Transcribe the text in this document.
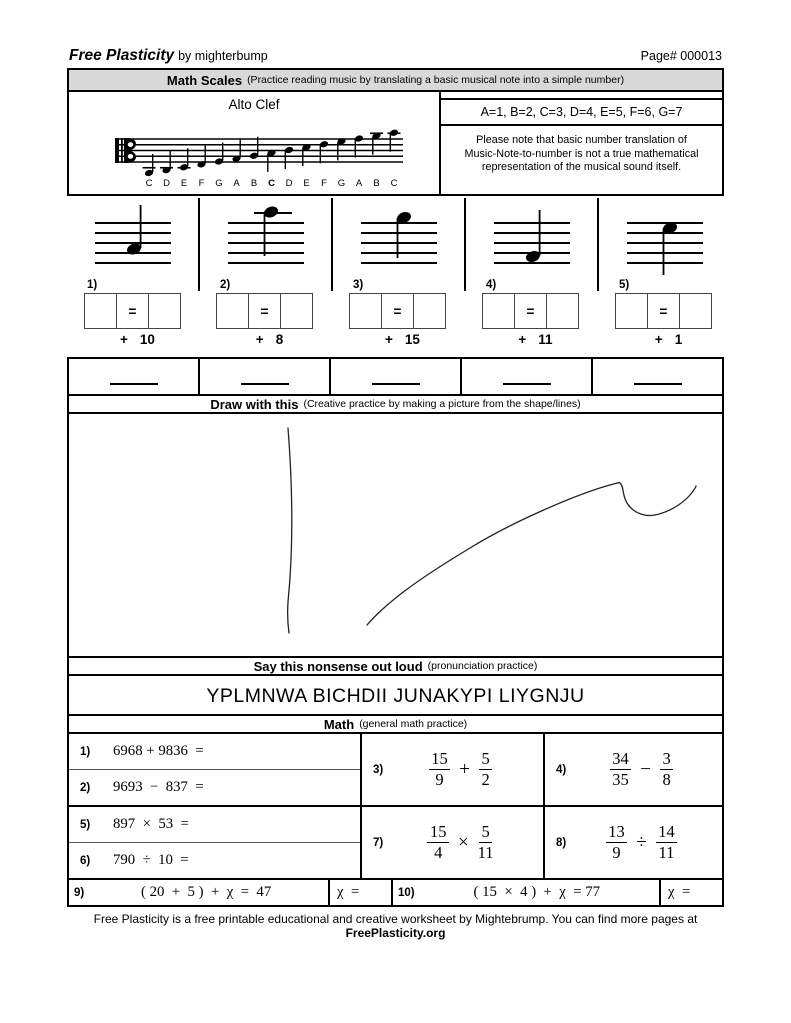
Free Plasticity by mighterbump	Page# 000013
Math Scales (Practice reading music by translating a basic musical note into a simple number)
Alto Clef
C D E	F	G A B C D E	F	G A B C
A=1, B=2, C=3, D=4, E=5, F=6, G=7
Please note that basic number translation of
Music-Note-to-number is not a true mathematical
representation of the musical sound itself.
1)
=
+ 10
2)
=
+ 8
3)
=
+ 15
4)
=
+ 11
5)
=
+ 1
Draw with this (Creative practice by making a picture from the shape/lines)
Say this nonsense out loud (pronunciation practice)
YPLMNWA BICHDII JUNAKYPI LIYGNJU
Math (general math practice)
1)	6968 + 9836  =
2)	9693  −  837  =
3)	$\frac{15}{9} + \frac{5}{2}$	4)	$\frac{34}{35} - \frac{3}{8}$
5)	897  ×  53  =
6)	790  ÷  10  =
7)	$\frac{15}{4} \times \frac{5}{11}$	$8) \frac{13}{9} \div \frac{14}{11}$
9)	( 20  +  5 )  +  χ  =  47	χ  =	10)	( 15  ×  4 )  +  χ  = 77	χ  =
Free Plasticity is a free printable educational and creative worksheet by Mightebrump. You can find more pages at
FreePlasticity.org
